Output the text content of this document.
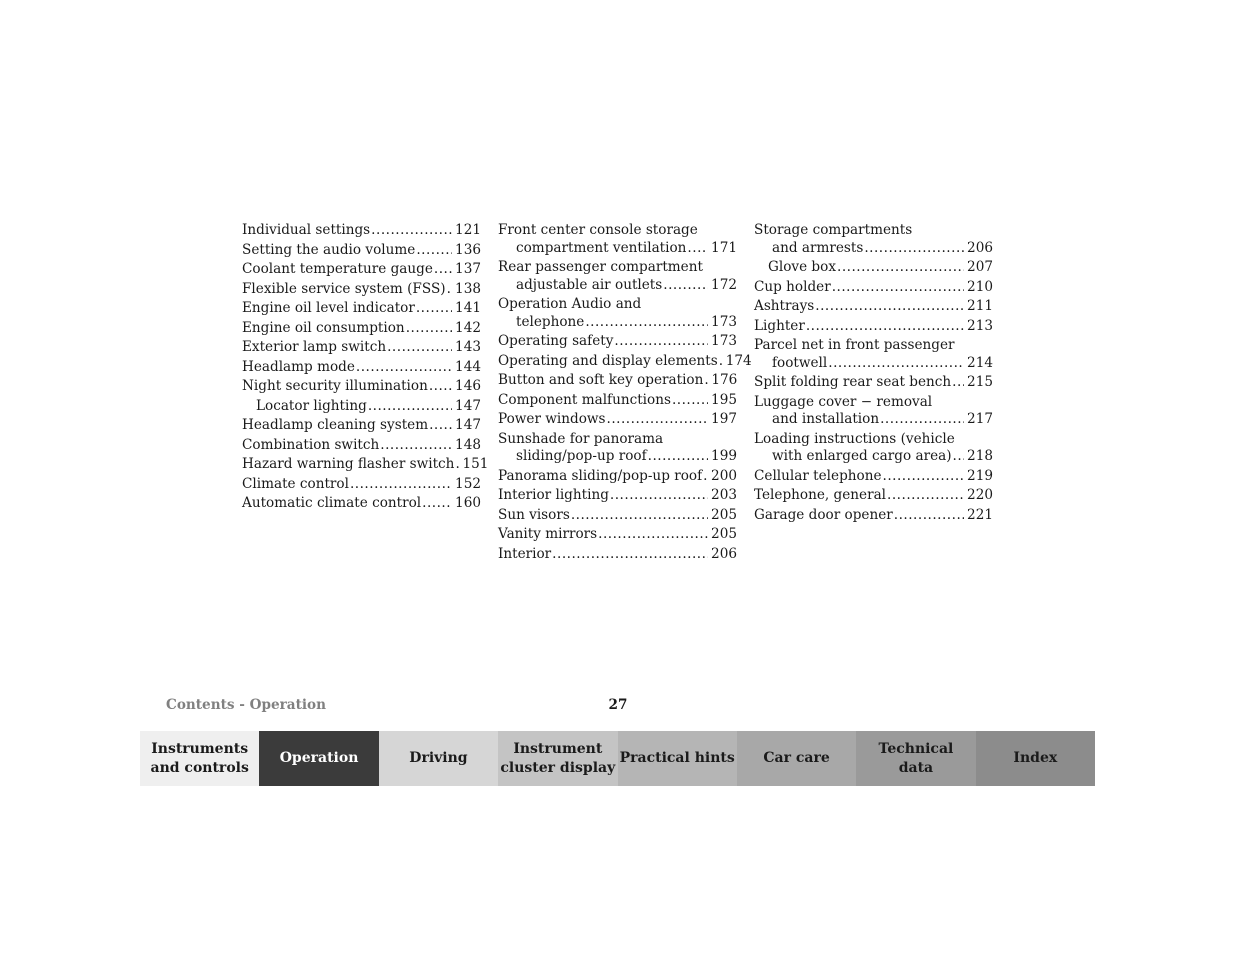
Individual settings .....	121
Setting the audio volume .....	136
Coolant temperature gauge ..... 137
Flexible service system (FSS) ..... 138
Engine oil level indicator .....	141
Engine oil consumption .....	142
Exterior lamp switch .....	143
Headlamp mode .....	144
Night security illumination ..... 146
Locator lighting .....	147
Headlamp cleaning system ..... 147
Combination switch .....	148
Hazard warning flasher switch ..... 151
Climate control .....	152
Automatic climate control ..... 160
Front center console storage
compartment ventilation ..... 171
Rear passenger compartment
adjustable air outlets .....	172
Operation Audio and
telephone .....	173
Operating safety .....	173
Operating and display elements ..... 174
Button and soft key operation ..... 176
Component malfunctions .....	195
Power windows .....	197
Sunshade for panorama
sliding/pop-up roof .....	199
Panorama sliding/pop-up roof ..... 200
Interior lighting .....	203
Sun visors .....	205
Vanity mirrors .....	205
Interior .....	206
Storage compartments
and armrests .....	206
Glove box .....	207
Cup holder .....	210
Ashtrays .....	211
Lighter .....	213
Parcel net in front passenger
footwell .....	214
Split folding rear seat bench ..... 215
Luggage cover − removal
and installation .....	217
Loading instructions (vehicle
with enlarged cargo area) ..... 218
Cellular telephone .....	219
Telephone, general .....	220
Garage door opener .....	221
Contents - Operation	27
Instruments
and controls
Operation	Driving
Instrument
cluster display
Practical hints Car care
Technical
data
Index
